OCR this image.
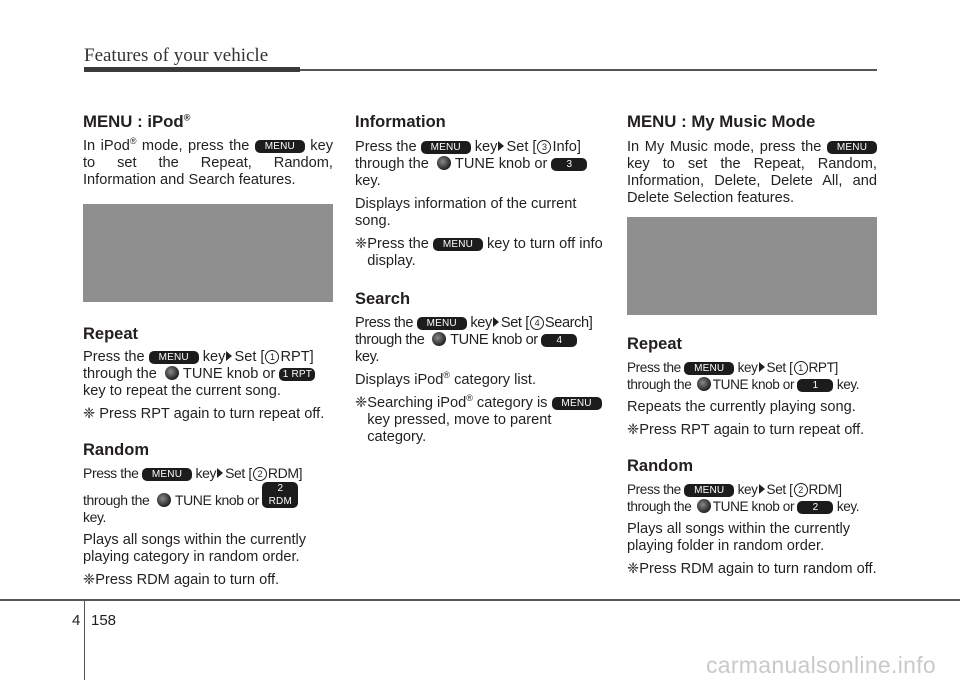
Features of your vehicle
MENU : iPod®

In iPod® mode, press the MENU key to set the Repeat, Random, Information and Search features.

Repeat

Press the MENU key Set [ 1 RPT]
through the TUNE knob or 1 RPT
key to repeat the current song.

❈
Press RPT again to turn repeat off.

Random

Press the MENU key Set [ 2 RDM]
through the TUNE knob or 2 RDM
key.

Plays all songs within the currently playing category in random order.

❈ Press RDM again to turn off.

Information

Press the MENU key Set [ 3 Info]
through the TUNE knob or 3
key.

Displays information of the current song.

❈ Press the MENU key to turn off info display.

Search

Press the MENU key Set [ 4 Search]
through the TUNE knob or 4
key.

Displays iPod® category list.

❈ Searching iPod® category is MENU key pressed, move to parent category.

MENU : My Music Mode

In My Music mode, press the MENU key to set the Repeat, Random, Information, Delete, Delete All, and Delete Selection features.

Repeat

Press the MENU key Set [ 1 RPT]
through the TUNE knob or 1 key.

Repeats the currently playing song.

❈ Press RPT again to turn repeat off.

Random

Press the MENU key Set [ 2 RDM]
through the TUNE knob or 2 key.

Plays all songs within the currently playing folder in random order.

❈ Press RDM again to turn random off.

4 158
carmanualsonline.info
